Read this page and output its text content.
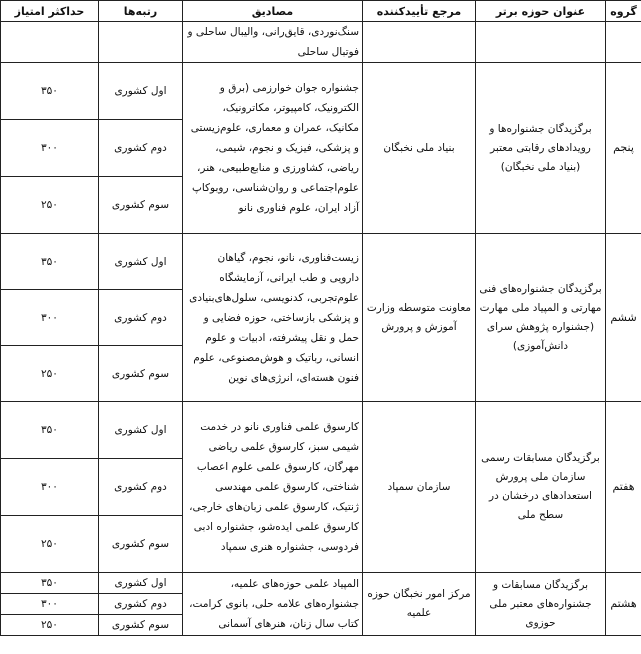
گروه	عنوان حوزه برتر	مرجع تأییدکننده	مصادیق	رتبه‌ها	حداکثر امتیاز
			سنگ‌نوردی، قایق‌رانی، والیبال ساحلی و فوتبال ساحلی		
پنجم	برگزیدگان جشنواره‌ها و رویدادهای رقابتی معتبر (بنیاد ملی نخبگان)	بنیاد ملی نخبگان	جشنواره جوان خوارزمی (برق و الکترونیک، کامپیوتر، مکاترونیک، مکانیک، عمران و معماری، علوم‌زیستی و پزشکی، فیزیک و نجوم، شیمی، ریاضی، کشاورزی و منابع‌طبیعی، هنر، علوم‌اجتماعی و روان‌شناسی، روبوکاپ آزاد ایران، علوم فناوری نانو	اول کشوری	۳۵۰
				دوم کشوری	۳۰۰
				سوم کشوری	۲۵۰
ششم	برگزیدگان جشنواره‌های فنی مهارتی و المپیاد ملی مهارت (جشنواره پژوهش سرای دانش‌آموزی)	معاونت متوسطه وزارت آموزش و پرورش	زیست‌فناوری، نانو، نجوم، گیاهان دارویی و طب ایرانی، آزمایشگاه علوم‌تجربی، کدنویسی، سلول‌های‌بنیادی و پزشکی بازساختی، حوزه فضایی و حمل و نقل پیشرفته، ادبیات و علوم انسانی، رباتیک و هوش‌مصنوعی، علوم فنون هسته‌ای، انرژی‌های نوین	اول کشوری	۳۵۰
				دوم کشوری	۳۰۰
				سوم کشوری	۲۵۰
هفتم	برگزیدگان مسابقات رسمی سازمان ملی پرورش استعدادهای درخشان در سطح ملی	سازمان سمپاد	کارسوق علمی فناوری نانو در خدمت شیمی سبز، کارسوق علمی ریاضی مهرگان، کارسوق علمی علوم اعصاب شناختی، کارسوق علمی مهندسی ژنتیک، کارسوق علمی زبان‌های خارجی، کارسوق علمی ایده‌شو، جشنواره ادبی فردوسی، جشنواره هنری سمپاد	اول کشوری	۳۵۰
				دوم کشوری	۳۰۰
				سوم کشوری	۲۵۰
هشتم	برگزیدگان مسابقات و جشنواره‌های معتبر ملی حوزوی	مرکز امور نخبگان حوزه علمیه	المپیاد علمی حوزه‌های علمیه، جشنواره‌های علامه حلی، بانوی کرامت، کتاب سال زنان، هنرهای آسمانی	اول کشوری	۳۵۰
				دوم کشوری	۳۰۰
				سوم کشوری	۲۵۰
